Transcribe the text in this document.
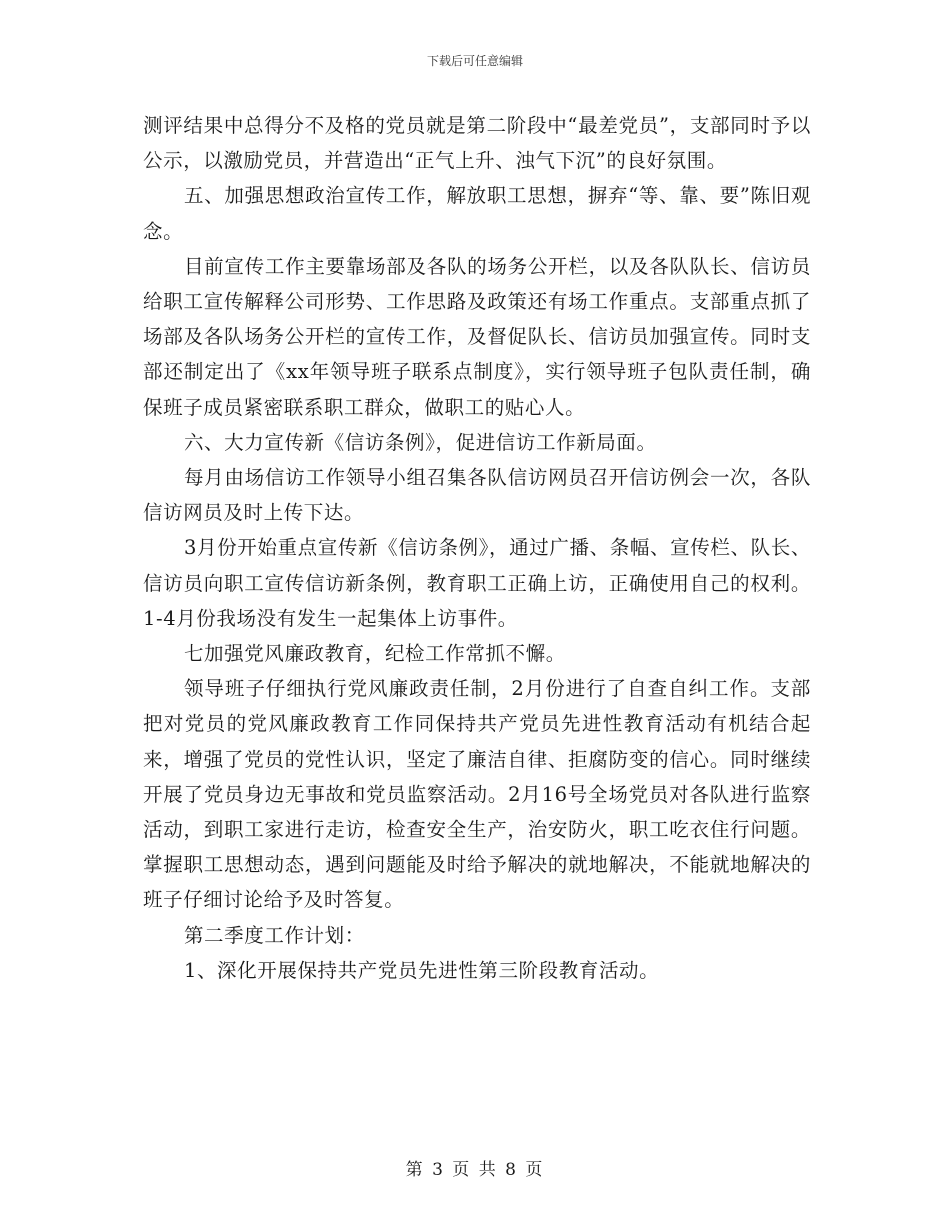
下载后可任意编辑

测评结果中总得分不及格的党员就是第二阶段中“最差党员”，支部同时予以公示，以激励党员，并营造出“正气上升、浊气下沉”的良好氛围。

五、加强思想政治宣传工作，解放职工思想，摒弃“等、靠、要”陈旧观念。

目前宣传工作主要靠场部及各队的场务公开栏，以及各队队长、信访员给职工宣传解释公司形势、工作思路及政策还有场工作重点。支部重点抓了场部及各队场务公开栏的宣传工作，及督促队长、信访员加强宣传。同时支部还制定出了《xx年领导班子联系点制度》，实行领导班子包队责任制，确保班子成员紧密联系职工群众，做职工的贴心人。

六、大力宣传新《信访条例》，促进信访工作新局面。

每月由场信访工作领导小组召集各队信访网员召开信访例会一次，各队信访网员及时上传下达。

3月份开始重点宣传新《信访条例》，通过广播、条幅、宣传栏、队长、信访员向职工宣传信访新条例，教育职工正确上访，正确使用自己的权利。1-4月份我场没有发生一起集体上访事件。

七加强党风廉政教育，纪检工作常抓不懈。

领导班子仔细执行党风廉政责任制，2月份进行了自查自纠工作。支部把对党员的党风廉政教育工作同保持共产党员先进性教育活动有机结合起来，增强了党员的党性认识，坚定了廉洁自律、拒腐防变的信心。同时继续开展了党员身边无事故和党员监察活动。2月16号全场党员对各队进行监察活动，到职工家进行走访，检查安全生产，治安防火，职工吃衣住行问题。掌握职工思想动态，遇到问题能及时给予解决的就地解决，不能就地解决的班子仔细讨论给予及时答复。

第二季度工作计划：

1、深化开展保持共产党员先进性第三阶段教育活动。

第 3 页 共 8 页
